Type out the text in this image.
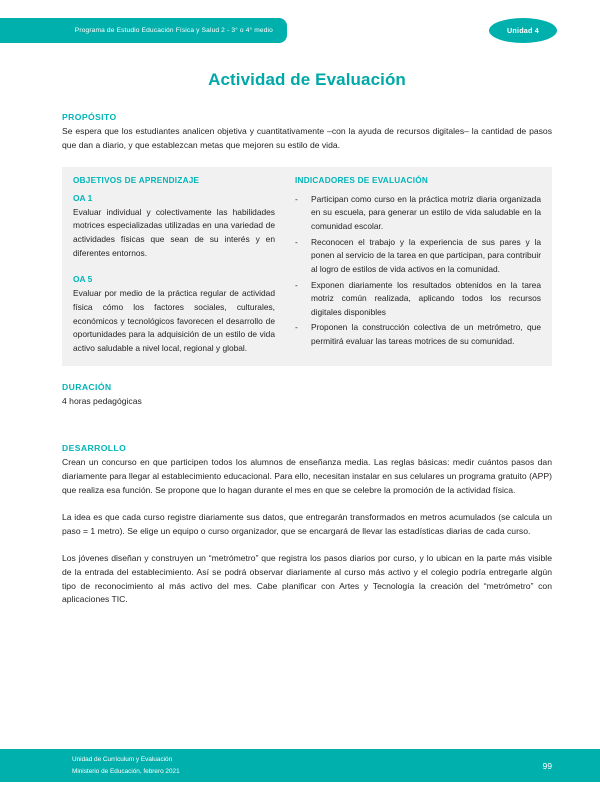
Programa de Estudio Educación Física y Salud 2 - 3° o 4° medio	Unidad 4
Actividad de Evaluación
PROPÓSITO

Se espera que los estudiantes analicen objetiva y cuantitativamente –con la ayuda de recursos digitales– la cantidad de pasos que dan a diario, y que establezcan metas que mejoren su estilo de vida.

OBJETIVOS DE APRENDIZAJE
OA 1

Evaluar individual y colectivamente las habilidades motrices especializadas utilizadas en una variedad de actividades físicas que sean de su interés y en diferentes entornos.

OA 5

Evaluar por medio de la práctica regular de actividad física cómo los factores sociales, culturales, económicos y tecnológicos favorecen el desarrollo de oportunidades para la adquisición de un estilo de vida activo saludable a nivel local, regional y global.

INDICADORES DE EVALUACIÓN
-	Participan como curso en la práctica motriz diaria organizada en su escuela, para generar un estilo de vida saludable en la comunidad escolar.
-	Reconocen el trabajo y la experiencia de sus pares y la ponen al servicio de la tarea en que participan, para contribuir al logro de estilos de vida activos en la comunidad.
-	Exponen diariamente los resultados obtenidos en la tarea motriz común realizada, aplicando todos los recursos digitales disponibles
-	Proponen la construcción colectiva de un metrómetro, que permitirá evaluar las tareas motrices de su comunidad.
DURACIÓN

4 horas pedagógicas

DESARROLLO

Crean un concurso en que participen todos los alumnos de enseñanza media. Las reglas básicas: medir cuántos pasos dan diariamente para llegar al establecimiento educacional. Para ello, necesitan instalar en sus celulares un programa gratuito (APP) que realiza esa función. Se propone que lo hagan durante el mes en que se celebre la promoción de la actividad física.

La idea es que cada curso registre diariamente sus datos, que entregarán transformados en metros acumulados (se calcula un paso = 1 metro). Se elige un equipo o curso organizador, que se encargará de llevar las estadísticas diarias de cada curso.

Los jóvenes diseñan y construyen un “metrómetro” que registra los pasos diarios por curso, y lo ubican en la parte más visible de la entrada del establecimiento. Así se podrá observar diariamente al curso más activo y el colegio podría entregarle algún tipo de reconocimiento al más activo del mes. Cabe planificar con Artes y Tecnología la creación del “metrómetro” con aplicaciones TIC.

Unidad de Currículum y Evaluación
Ministerio de Educación, febrero 2021
99
